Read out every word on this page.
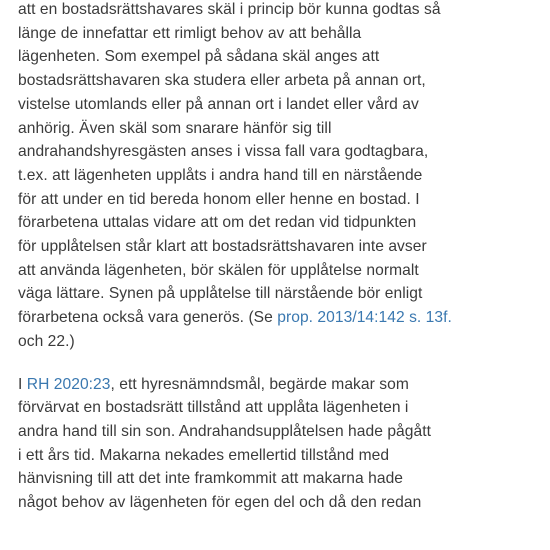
att en bostadsrättshavares skäl i princip bör kunna godtas så
länge de innefattar ett rimligt behov av att behålla
lägenheten. Som exempel på sådana skäl anges att
bostadsrättshavaren ska studera eller arbeta på annan ort,
vistelse utomlands eller på annan ort i landet eller vård av
anhörig. Även skäl som snarare hänför sig till
andrahandshyresgästen anses i vissa fall vara godtagbara,
t.ex. att lägenheten upplåts i andra hand till en närstående
för att under en tid bereda honom eller henne en bostad. I
förarbetena uttalas vidare att om det redan vid tidpunkten
för upplåtelsen står klart att bostadsrättshavaren inte avser
att använda lägenheten, bör skälen för upplåtelse normalt
väga lättare. Synen på upplåtelse till närstående bör enligt
förarbetena också vara generös. (Se prop. 2013/14:142 s. 13f.
och 22.)

I RH 2020:23, ett hyresnämndsmål, begärde makar som
förvärvat en bostadsrätt tillstånd att upplåta lägenheten i
andra hand till sin son. Andrahandsupplåtelsen hade pågått
i ett års tid. Makarna nekades emellertid tillstånd med
hänvisning till att det inte framkommit att makarna hade
något behov av lägenheten för egen del och då den redan
